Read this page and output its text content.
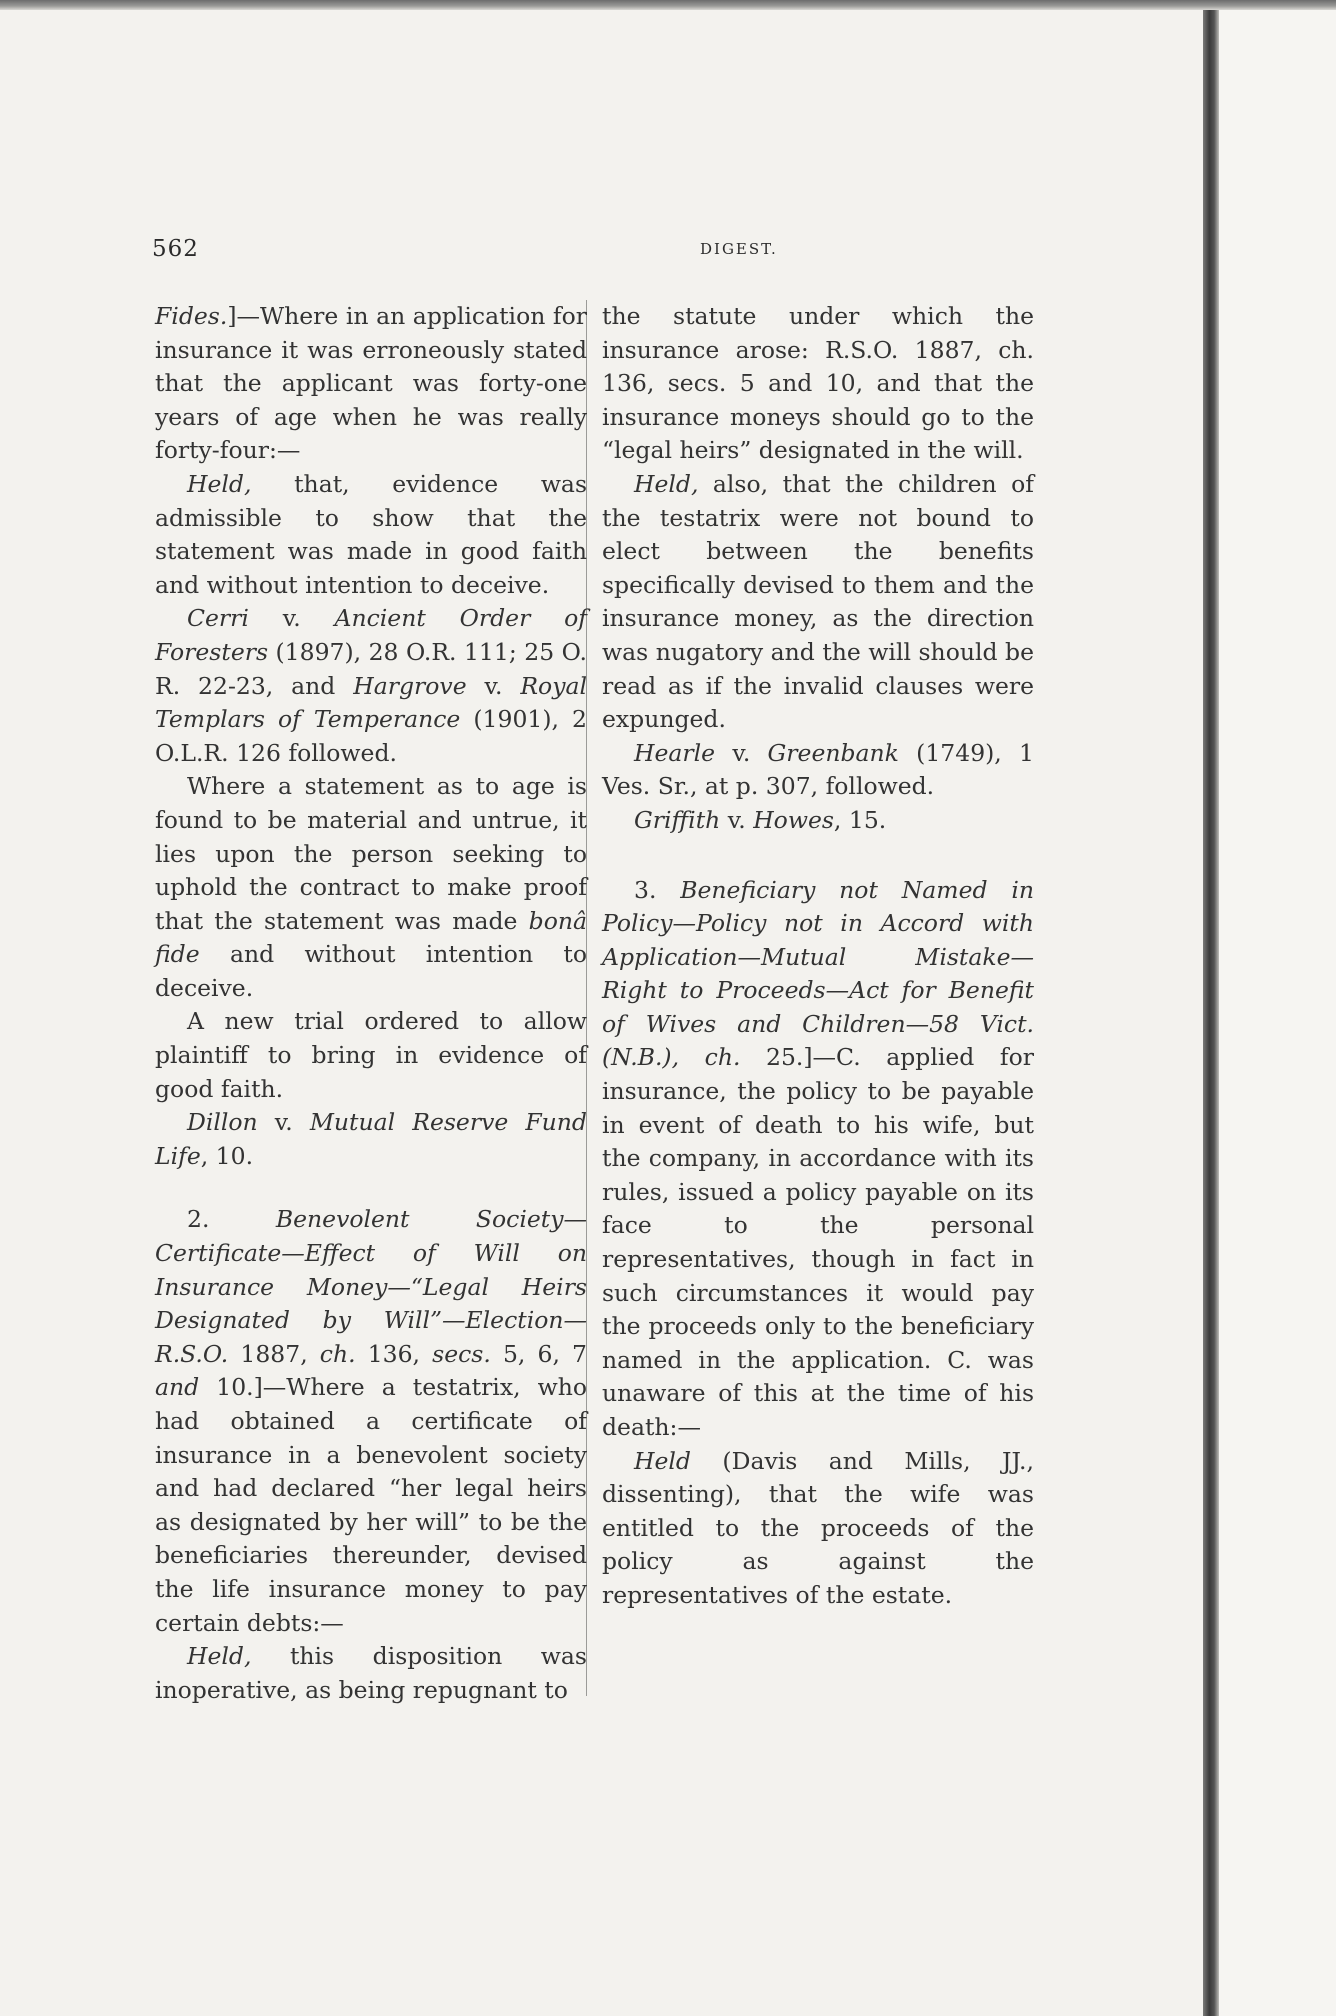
562	DIGEST.

Fides.]—Where in an application for insurance it was erroneously stated that the applicant was forty-one years of age when he was really forty-four:—

Held, that, evidence was admissible to show that the statement was made in good faith and without intention to deceive.

Cerri v. Ancient Order of Foresters (1897), 28 O.R. 111; 25 O. R. 22-23, and Hargrove v. Royal Templars of Temperance (1901), 2 O.L.R. 126 followed.

Where a statement as to age is found to be material and untrue, it lies upon the person seeking to uphold the contract to make proof that the statement was made bonâ fide and without intention to deceive.

A new trial ordered to allow plaintiff to bring in evidence of good faith.

Dillon v. Mutual Reserve Fund Life, 10.

2. Benevolent Society—Certificate—Effect of Will on Insurance Money—“Legal Heirs Designated by Will”—Election—R.S.O. 1887, ch. 136, secs. 5, 6, 7 and 10.]—Where a testatrix, who had obtained a certificate of insurance in a benevolent society and had declared “her legal heirs as designated by her will” to be the beneficiaries thereunder, devised the life insurance money to pay certain debts:—

Held, this disposition was inoperative, as being repugnant to

the statute under which the insurance arose: R.S.O. 1887, ch. 136, secs. 5 and 10, and that the insurance moneys should go to the “legal heirs” designated in the will.

Held, also, that the children of the testatrix were not bound to elect between the benefits specifically devised to them and the insurance money, as the direction was nugatory and the will should be read as if the invalid clauses were expunged.

Hearle v. Greenbank (1749), 1 Ves. Sr., at p. 307, followed.

Griffith v. Howes, 15.

3. Beneficiary not Named in Policy—Policy not in Accord with Application—Mutual Mistake—Right to Proceeds—Act for Benefit of Wives and Children—58 Vict. (N.B.), ch. 25.]—C. applied for insurance, the policy to be payable in event of death to his wife, but the company, in accordance with its rules, issued a policy payable on its face to the personal representatives, though in fact in such circumstances it would pay the proceeds only to the beneficiary named in the application. C. was unaware of this at the time of his death:—

Held (Davis and Mills, JJ., dissenting), that the wife was entitled to the proceeds of the policy as against the representatives of the estate.
